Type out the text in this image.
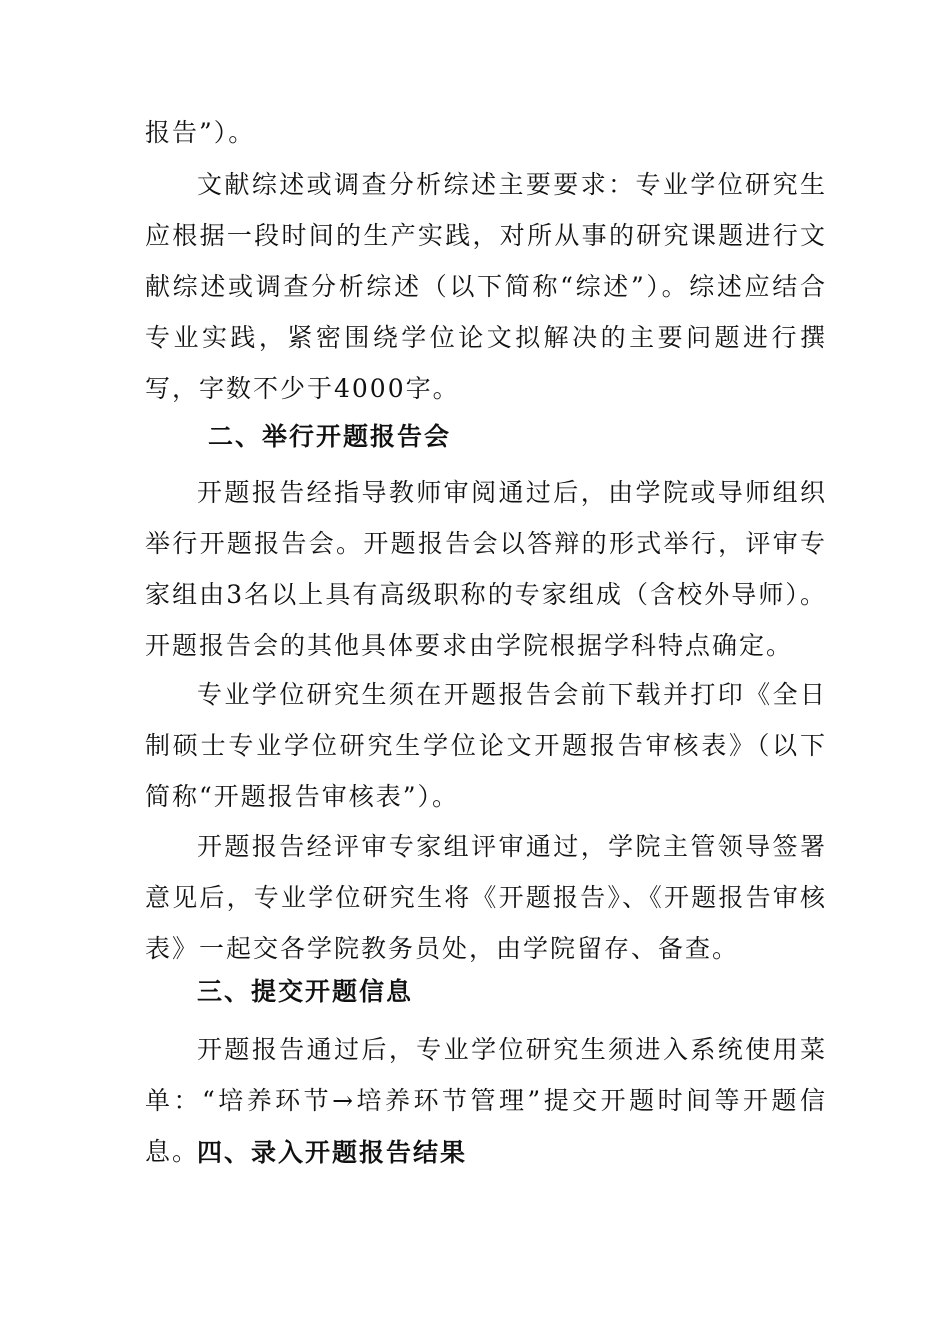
报告”）。

文献综述或调查分析综述主要要求：专业学位研究生应根据一段时间的生产实践，对所从事的研究课题进行文献综述或调查分析综述（以下简称“综述”）。综述应结合专业实践，紧密围绕学位论文拟解决的主要问题进行撰写，字数不少于4000字。

二、举行开题报告会

开题报告经指导教师审阅通过后，由学院或导师组织举行开题报告会。开题报告会以答辩的形式举行，评审专家组由3名以上具有高级职称的专家组成（含校外导师）。开题报告会的其他具体要求由学院根据学科特点确定。

专业学位研究生须在开题报告会前下载并打印《全日制硕士专业学位研究生学位论文开题报告审核表》（以下简称“开题报告审核表”）。

开题报告经评审专家组评审通过，学院主管领导签署意见后，专业学位研究生将《开题报告》、《开题报告审核表》一起交各学院教务员处，由学院留存、备查。

三、提交开题信息

开题报告通过后，专业学位研究生须进入系统使用菜单：“培养环节→培养环节管理”提交开题时间等开题信息。

四、录入开题报告结果
